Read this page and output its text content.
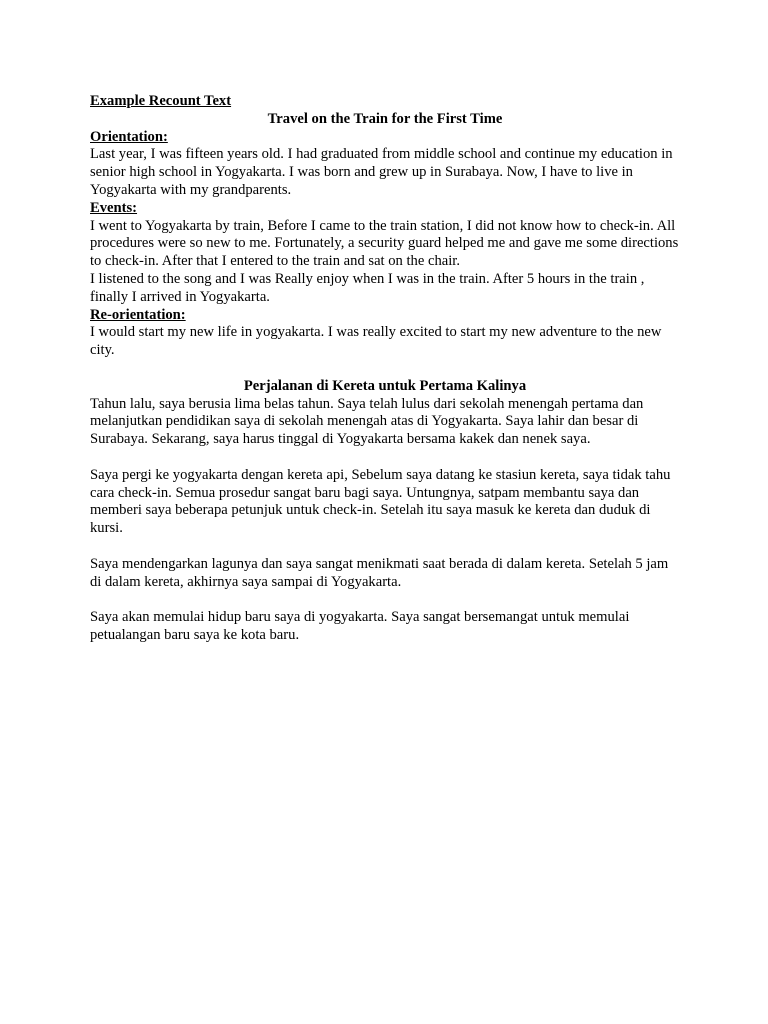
Example Recount Text

Travel on the Train for the First Time

Orientation:

Last year, I was fifteen years old. I had graduated from middle school and continue my education in senior high school in Yogyakarta. I was born and grew up in Surabaya. Now, I have to live in Yogyakarta with my grandparents.

Events:

I went to Yogyakarta by train, Before I came to the train station, I did not know how to check-in. All procedures were so new to me. Fortunately, a security guard helped me and gave me some directions to check-in. After that I entered to the train and sat on the chair.

I listened to the song and I was Really enjoy when I was in the train. After 5 hours in the train , finally I arrived in Yogyakarta.

Re-orientation:

I would start my new life in yogyakarta. I was really excited to start my new adventure to the new city.

Perjalanan di Kereta untuk Pertama Kalinya

Tahun lalu, saya berusia lima belas tahun. Saya telah lulus dari sekolah menengah pertama dan melanjutkan pendidikan saya di sekolah menengah atas di Yogyakarta. Saya lahir dan besar di Surabaya. Sekarang, saya harus tinggal di Yogyakarta bersama kakek dan nenek saya.

Saya pergi ke yogyakarta dengan kereta api, Sebelum saya datang ke stasiun kereta, saya tidak tahu cara check-in. Semua prosedur sangat baru bagi saya. Untungnya, satpam membantu saya dan memberi saya beberapa petunjuk untuk check-in. Setelah itu saya masuk ke kereta dan duduk di kursi.

Saya mendengarkan lagunya dan saya sangat menikmati saat berada di dalam kereta. Setelah 5 jam di dalam kereta, akhirnya saya sampai di Yogyakarta.

Saya akan memulai hidup baru saya di yogyakarta. Saya sangat bersemangat untuk memulai petualangan baru saya ke kota baru.
